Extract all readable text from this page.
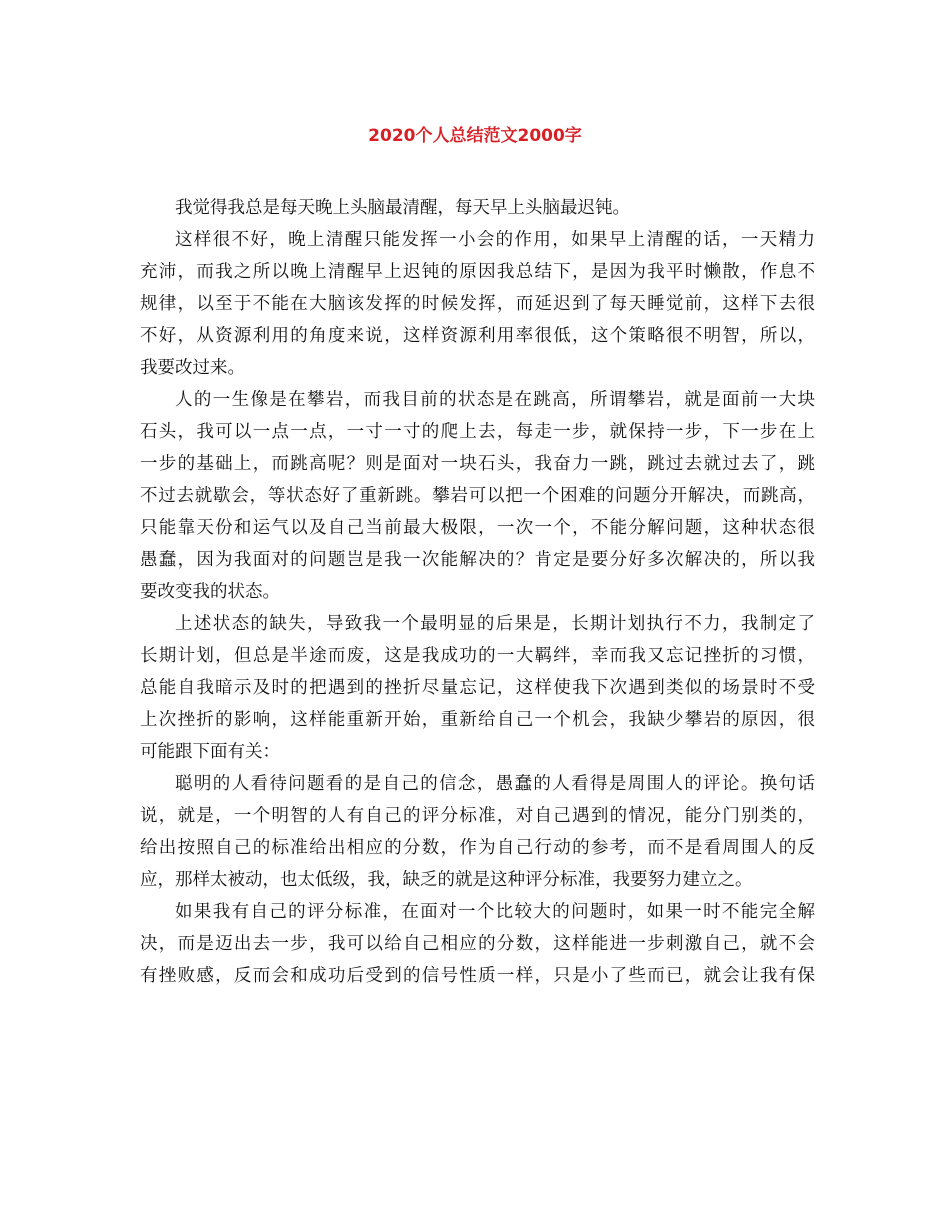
2020个人总结范文2000字
我觉得我总是每天晚上头脑最清醒，每天早上头脑最迟钝。
这样很不好，晚上清醒只能发挥一小会的作用，如果早上清醒的话，一天精力
充沛，而我之所以晚上清醒早上迟钝的原因我总结下，是因为我平时懒散，作息不
规律，以至于不能在大脑该发挥的时候发挥，而延迟到了每天睡觉前，这样下去很
不好，从资源利用的角度来说，这样资源利用率很低，这个策略很不明智，所以，
我要改过来。
人的一生像是在攀岩，而我目前的状态是在跳高，所谓攀岩，就是面前一大块
石头，我可以一点一点，一寸一寸的爬上去，每走一步，就保持一步，下一步在上
一步的基础上，而跳高呢？则是面对一块石头，我奋力一跳，跳过去就过去了，跳
不过去就歇会，等状态好了重新跳。攀岩可以把一个困难的问题分开解决，而跳高，
只能靠天份和运气以及自己当前最大极限，一次一个，不能分解问题，这种状态很
愚蠢，因为我面对的问题岂是我一次能解决的？肯定是要分好多次解决的，所以我
要改变我的状态。
上述状态的缺失，导致我一个最明显的后果是，长期计划执行不力，我制定了
长期计划，但总是半途而废，这是我成功的一大羁绊，幸而我又忘记挫折的习惯，
总能自我暗示及时的把遇到的挫折尽量忘记，这样使我下次遇到类似的场景时不受
上次挫折的影响，这样能重新开始，重新给自己一个机会，我缺少攀岩的原因，很
可能跟下面有关：
聪明的人看待问题看的是自己的信念，愚蠢的人看得是周围人的评论。换句话
说，就是，一个明智的人有自己的评分标准，对自己遇到的情况，能分门别类的，
给出按照自己的标准给出相应的分数，作为自己行动的参考，而不是看周围人的反
应，那样太被动，也太低级，我，缺乏的就是这种评分标准，我要努力建立之。
如果我有自己的评分标准，在面对一个比较大的问题时，如果一时不能完全解
决，而是迈出去一步，我可以给自己相应的分数，这样能进一步刺激自己，就不会
有挫败感，反而会和成功后受到的信号性质一样，只是小了些而已，就会让我有保
